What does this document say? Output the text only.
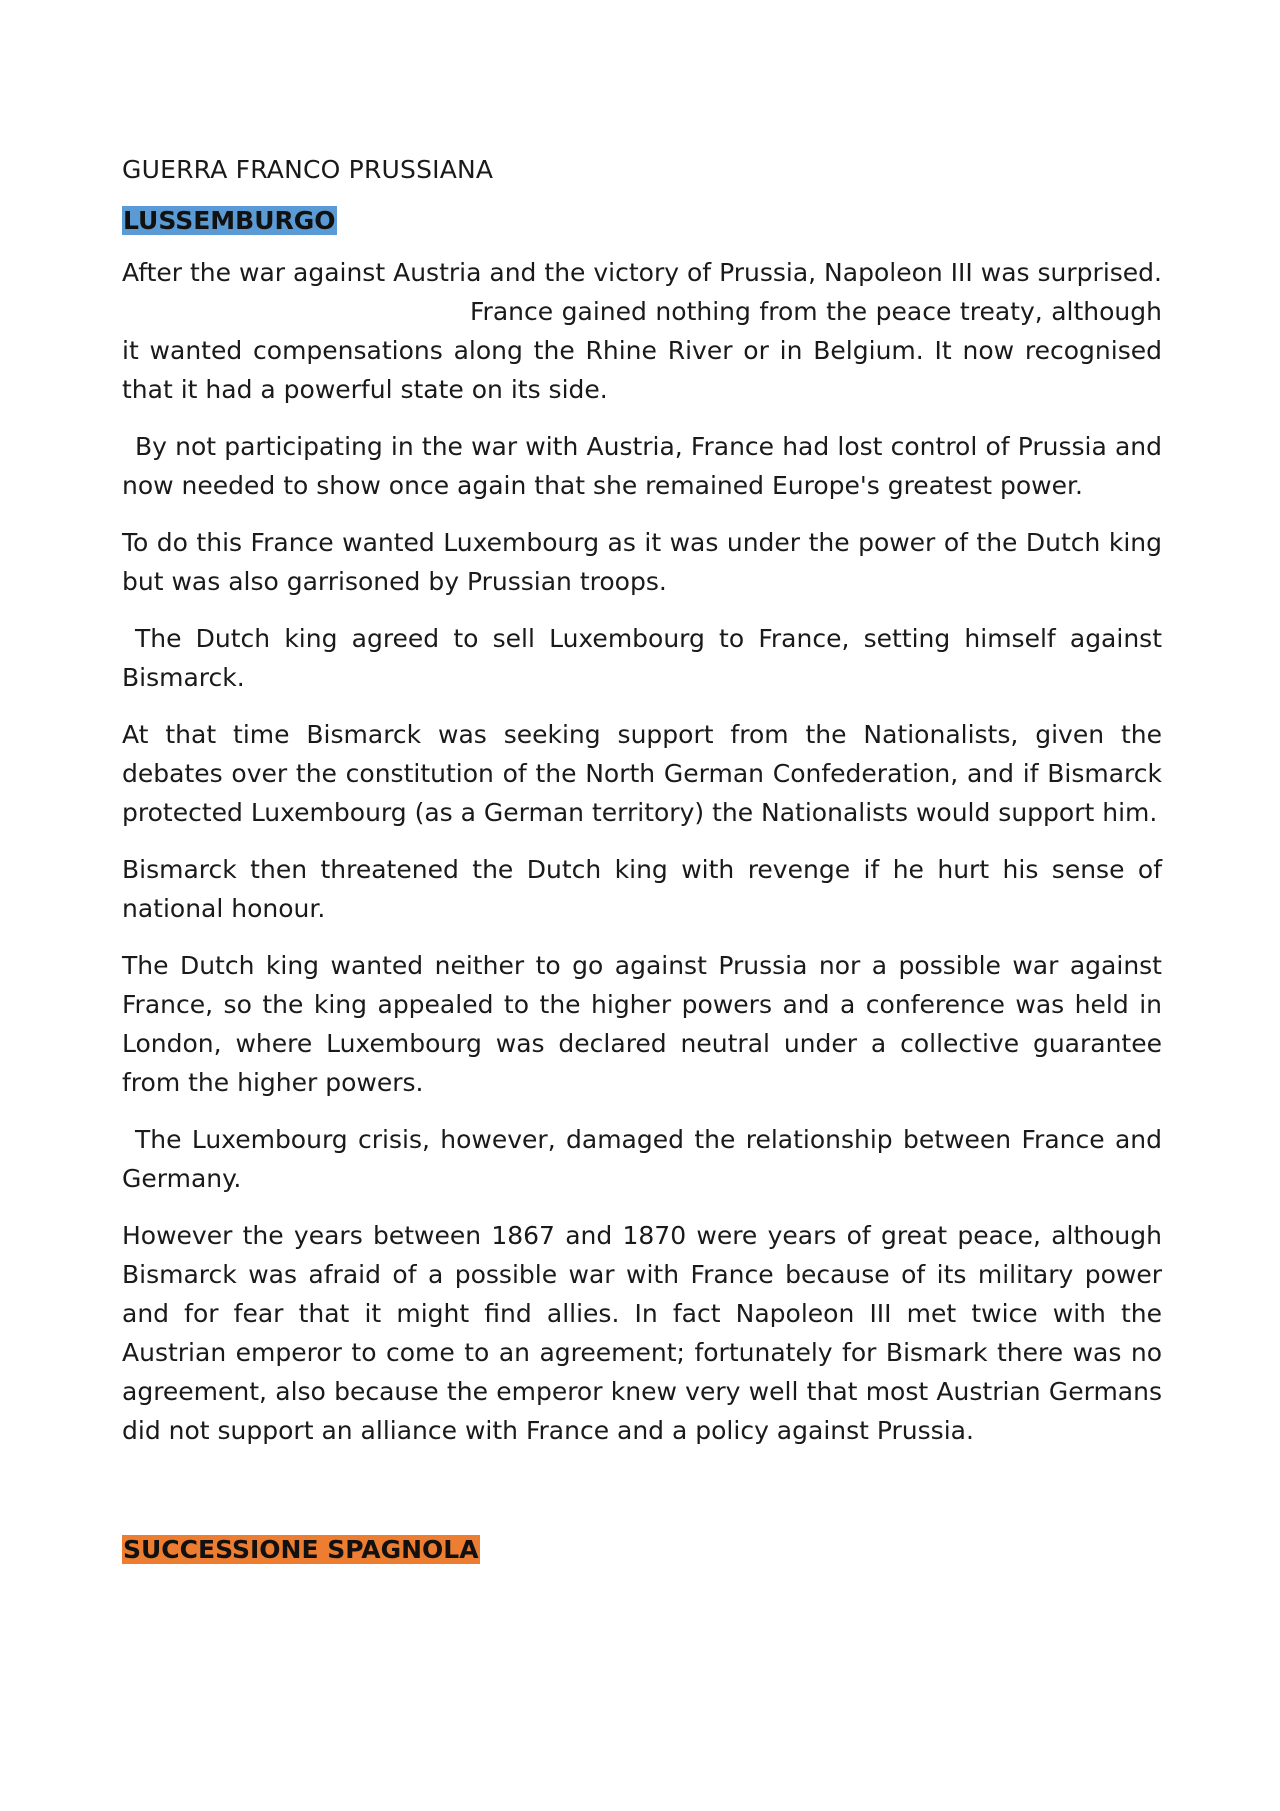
GUERRA FRANCO PRUSSIANA
LUSSEMBURGO

After the war against Austria and the victory of Prussia, Napoleon III was surprised.France gained nothing from the peace treaty, although it wanted compensations along the Rhine River or in Belgium. It now recognised that it had a powerful state on its side.

By not participating in the war with Austria, France had lost control of Prussia and now needed to show once again that she remained Europe's greatest power.

To do this France wanted Luxembourg as it was under the power of the Dutch king but was also garrisoned by Prussian troops.

The Dutch king agreed to sell Luxembourg to France, setting himself against Bismarck.

At that time Bismarck was seeking support from the Nationalists, given the debates over the constitution of the North German Confederation, and if Bismarck protected Luxembourg (as a German territory) the Nationalists would support him.

Bismarck then threatened the Dutch king with revenge if he hurt his sense of national honour.

The Dutch king wanted neither to go against Prussia nor a possible war against France, so the king appealed to the higher powers and a conference was held in London, where Luxembourg was declared neutral under a collective guarantee from the higher powers.

The Luxembourg crisis, however, damaged the relationship between France and Germany.

However the years between 1867 and 1870 were years of great peace, although Bismarck was afraid of a possible war with France because of its military power and for fear that it might find allies. In fact Napoleon III met twice with the Austrian emperor to come to an agreement; fortunately for Bismark there was no agreement, also because the emperor knew very well that most Austrian Germans did not support an alliance with France and a policy against Prussia.

SUCCESSIONE SPAGNOLA
